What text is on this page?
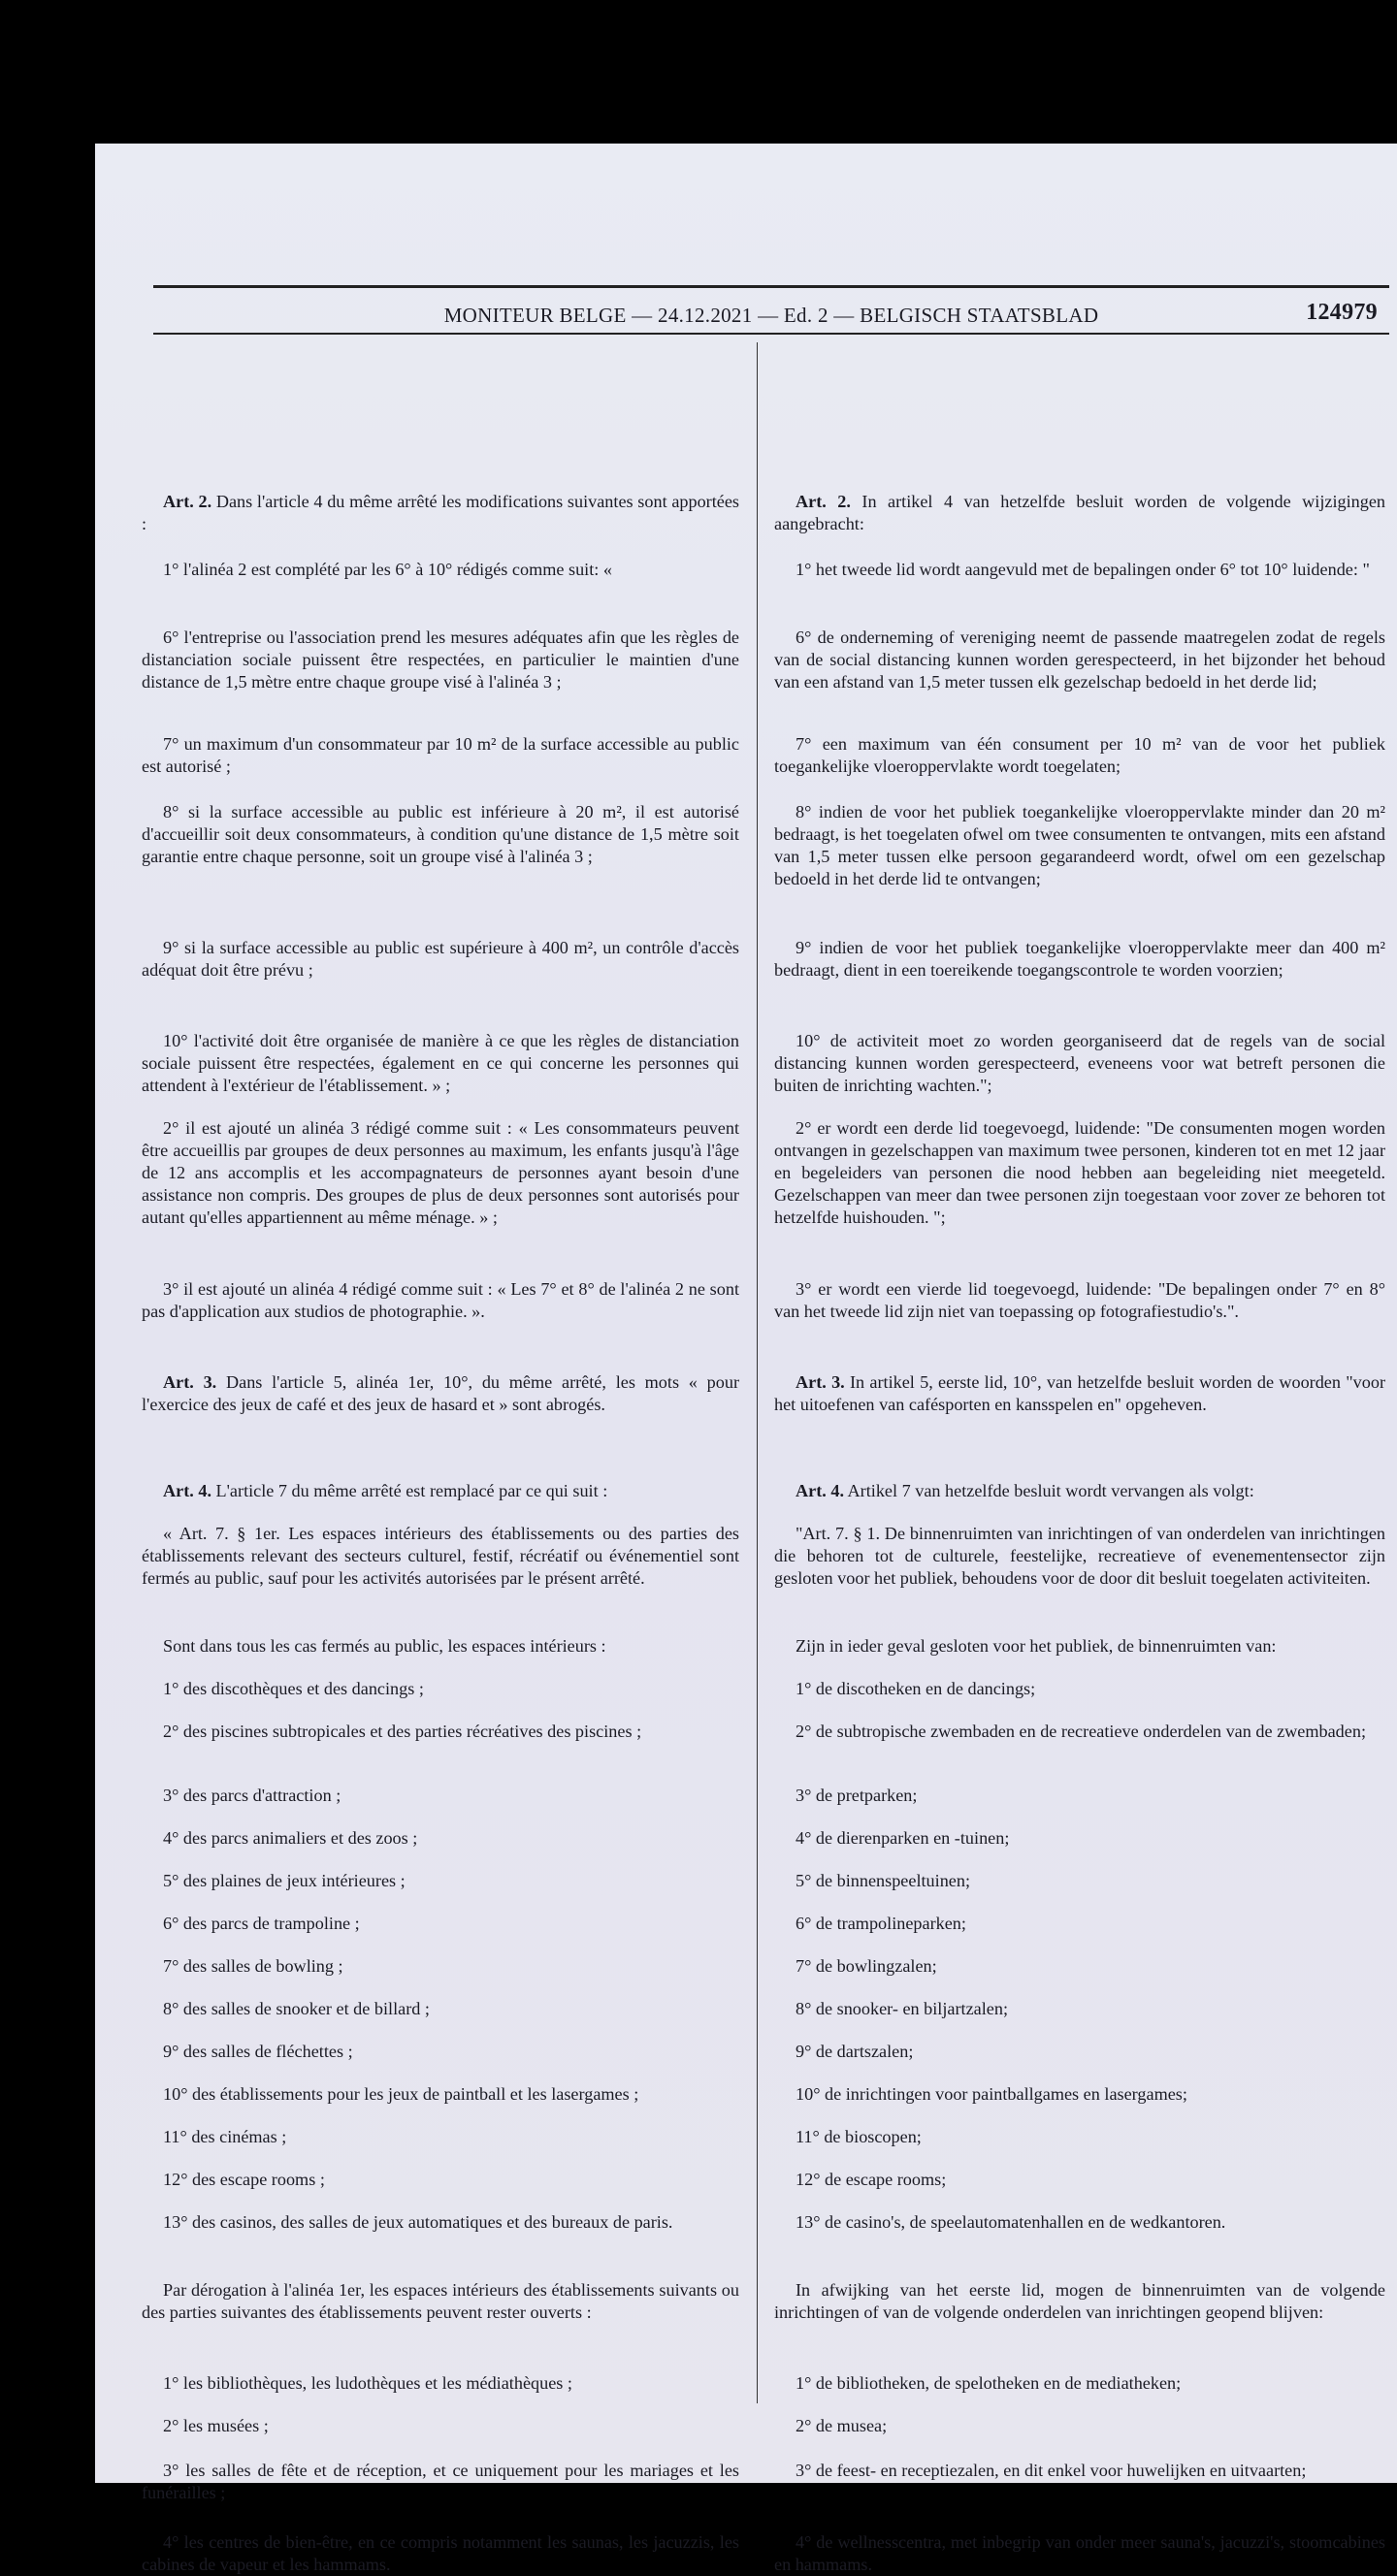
MONITEUR BELGE — 24.12.2021 — Ed. 2 — BELGISCH STAATSBLAD	124979

Art. 2. Dans l'article 4 du même arrêté les modifications suivantes sont apportées :

1° l'alinéa 2 est complété par les 6° à 10° rédigés comme suit: «

6° l'entreprise ou l'association prend les mesures adéquates afin que les règles de distanciation sociale puissent être respectées, en particulier le maintien d'une distance de 1,5 mètre entre chaque groupe visé à l'alinéa 3 ;

7° un maximum d'un consommateur par 10 m² de la surface accessible au public est autorisé ;

8° si la surface accessible au public est inférieure à 20 m², il est autorisé d'accueillir soit deux consommateurs, à condition qu'une distance de 1,5 mètre soit garantie entre chaque personne, soit un groupe visé à l'alinéa 3 ;

9° si la surface accessible au public est supérieure à 400 m², un contrôle d'accès adéquat doit être prévu ;

10° l'activité doit être organisée de manière à ce que les règles de distanciation sociale puissent être respectées, également en ce qui concerne les personnes qui attendent à l'extérieur de l'établissement. » ;

2° il est ajouté un alinéa 3 rédigé comme suit : « Les consommateurs peuvent être accueillis par groupes de deux personnes au maximum, les enfants jusqu'à l'âge de 12 ans accomplis et les accompagnateurs de personnes ayant besoin d'une assistance non compris. Des groupes de plus de deux personnes sont autorisés pour autant qu'elles appartiennent au même ménage. » ;

3° il est ajouté un alinéa 4 rédigé comme suit : « Les 7° et 8° de l'alinéa 2 ne sont pas d'application aux studios de photographie. ».

Art. 3. Dans l'article 5, alinéa 1er, 10°, du même arrêté, les mots « pour l'exercice des jeux de café et des jeux de hasard et » sont abrogés.

Art. 4. L'article 7 du même arrêté est remplacé par ce qui suit :

« Art. 7. § 1er. Les espaces intérieurs des établissements ou des parties des établissements relevant des secteurs culturel, festif, récréatif ou événementiel sont fermés au public, sauf pour les activités autorisées par le présent arrêté.

Sont dans tous les cas fermés au public, les espaces intérieurs :

1° des discothèques et des dancings ;

2° des piscines subtropicales et des parties récréatives des piscines ;

3° des parcs d'attraction ;

4° des parcs animaliers et des zoos ;

5° des plaines de jeux intérieures ;

6° des parcs de trampoline ;

7° des salles de bowling ;

8° des salles de snooker et de billard ;

9° des salles de fléchettes ;

10° des établissements pour les jeux de paintball et les lasergames ;

11° des cinémas ;

12° des escape rooms ;

13° des casinos, des salles de jeux automatiques et des bureaux de paris.

Par dérogation à l'alinéa 1er, les espaces intérieurs des établissements suivants ou des parties suivantes des établissements peuvent rester ouverts :

1° les bibliothèques, les ludothèques et les médiathèques ;

2° les musées ;

3° les salles de fête et de réception, et ce uniquement pour les mariages et les funérailles ;

4° les centres de bien-être, en ce compris notamment les saunas, les jacuzzis, les cabines de vapeur et les hammams.

Art. 2. In artikel 4 van hetzelfde besluit worden de volgende wijzigingen aangebracht:

1° het tweede lid wordt aangevuld met de bepalingen onder 6° tot 10° luidende: "

6° de onderneming of vereniging neemt de passende maatregelen zodat de regels van de social distancing kunnen worden gerespecteerd, in het bijzonder het behoud van een afstand van 1,5 meter tussen elk gezelschap bedoeld in het derde lid;

7° een maximum van één consument per 10 m² van de voor het publiek toegankelijke vloeroppervlakte wordt toegelaten;

8° indien de voor het publiek toegankelijke vloeroppervlakte minder dan 20 m² bedraagt, is het toegelaten ofwel om twee consumenten te ontvangen, mits een afstand van 1,5 meter tussen elke persoon gegarandeerd wordt, ofwel om een gezelschap bedoeld in het derde lid te ontvangen;

9° indien de voor het publiek toegankelijke vloeroppervlakte meer dan 400 m² bedraagt, dient in een toereikende toegangscontrole te worden voorzien;

10° de activiteit moet zo worden georganiseerd dat de regels van de social distancing kunnen worden gerespecteerd, eveneens voor wat betreft personen die buiten de inrichting wachten.";

2° er wordt een derde lid toegevoegd, luidende: "De consumenten mogen worden ontvangen in gezelschappen van maximum twee personen, kinderen tot en met 12 jaar en begeleiders van personen die nood hebben aan begeleiding niet meegeteld. Gezelschappen van meer dan twee personen zijn toegestaan voor zover ze behoren tot hetzelfde huishouden. ";

3° er wordt een vierde lid toegevoegd, luidende: "De bepalingen onder 7° en 8° van het tweede lid zijn niet van toepassing op fotografiestudio's.".

Art. 3. In artikel 5, eerste lid, 10°, van hetzelfde besluit worden de woorden "voor het uitoefenen van cafésporten en kansspelen en" opgeheven.

Art. 4. Artikel 7 van hetzelfde besluit wordt vervangen als volgt:

"Art. 7. § 1. De binnenruimten van inrichtingen of van onderdelen van inrichtingen die behoren tot de culturele, feestelijke, recreatieve of evenementensector zijn gesloten voor het publiek, behoudens voor de door dit besluit toegelaten activiteiten.

Zijn in ieder geval gesloten voor het publiek, de binnenruimten van:

1° de discotheken en de dancings;

2° de subtropische zwembaden en de recreatieve onderdelen van de zwembaden;

3° de pretparken;

4° de dierenparken en -tuinen;

5° de binnenspeeltuinen;

6° de trampolineparken;

7° de bowlingzalen;

8° de snooker- en biljartzalen;

9° de dartszalen;

10° de inrichtingen voor paintballgames en lasergames;

11° de bioscopen;

12° de escape rooms;

13° de casino's, de speelautomatenhallen en de wedkantoren.

In afwijking van het eerste lid, mogen de binnenruimten van de volgende inrichtingen of van de volgende onderdelen van inrichtingen geopend blijven:

1° de bibliotheken, de spelotheken en de mediatheken;

2° de musea;

3° de feest- en receptiezalen, en dit enkel voor huwelijken en uitvaarten;

4° de wellnesscentra, met inbegrip van onder meer sauna's, jacuzzi's, stoomcabines en hammams.
